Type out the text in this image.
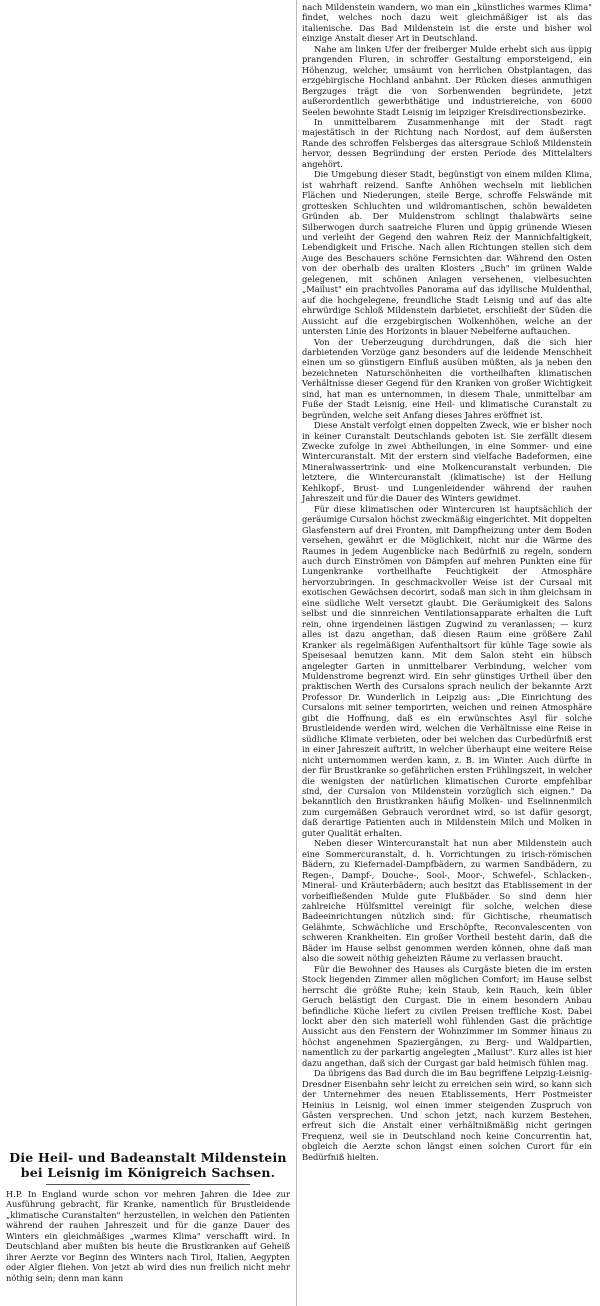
nach Mildenstein wandern, wo man ein „künstliches warmes Klima" findet, welches noch dazu weit gleichmäßiger ist als das italienische. Das Bad Mildenstein ist die erste und bisher wol einzige Anstalt dieser Art in Deutschland.

Nahe am linken Ufer der freiberger Mulde erhebt sich aus üppig prangenden Fluren, in schroffer Gestaltung emporsteigend, ein Höhenzug, welcher, umsäumt von herrlichen Obstplantagen, das erzgebirgische Hochland anbahnt. Der Rücken dieses anmuthigen Bergzuges trägt die von Sorbenwenden begründete, jetzt außerordentlich gewerbthätige und industriereiche, von 6000 Seelen bewohnte Stadt Leisnig im leipziger Kreisdirectionsbezirke.

In unmittelbarem Zusammenhange mit der Stadt ragt majestätisch in der Richtung nach Nordost, auf dem äußersten Rande des schroffen Felsberges das altersgraue Schloß Mildenstein hervor, dessen Begründung der ersten Periode des Mittelalters angehört.

Die Umgebung dieser Stadt, begünstigt von einem milden Klima, ist wahrhaft reizend. Sanfte Anhöhen wechseln mit lieblichen Flächen und Niederungen, steile Berge, schroffe Felswände mit grottesken Schluchten und wildromantischen, schön bewaldeten Gründen ab. Der Muldenstrom schlingt thalabwärts seine Silberwogen durch saatreiche Fluren und üppig grünende Wiesen und verleiht der Gegend den wahren Reiz der Mannichfaltigkeit, Lebendigkeit und Frische. Nach allen Richtungen stellen sich dem Auge des Beschauers schöne Fernsichten dar. Während den Osten von der oberhalb des uralten Klosters „Buch" im grünen Walde gelegenen, mit schönen Anlagen versehenen, vielbesuchten „Mailust" ein prachtvolles Panorama auf das idyllische Muldenthal, auf die hochgelegene, freundliche Stadt Leisnig und auf das alte ehrwürdige Schloß Mildenstein darbietet, erschließt der Süden die Aussicht auf die erzgebirgischen Wolkenhöhen, welche an der untersten Linie des Horizonts in blauer Nebelferne auftauchen.

Von der Ueberzeugung durchdrungen, daß die sich hier darbietenden Vorzüge ganz besonders auf die leidende Menschheit einen um so günstigern Einfluß ausüben müßten, als ja neben den bezeichneten Naturschönheiten die vortheilhaften klimatischen Verhältnisse dieser Gegend für den Kranken von großer Wichtigkeit sind, hat man es unternommen, in diesem Thale, unmittelbar am Fuße der Stadt Leisnig, eine Heil- und klimatische Curanstalt zu begründen, welche seit Anfang dieses Jahres eröffnet ist.

Diese Anstalt verfolgt einen doppelten Zweck, wie er bisher noch in keiner Curanstalt Deutschlands geboten ist. Sie zerfällt diesem Zwecke zufolge in zwei Abtheilungen, in eine Sommer- und eine Wintercuranstalt. Mit der erstern sind vielfache Badeformen, eine Mineralwassertrink- und eine Molkencuranstalt verbunden. Die letztere, die Wintercuranstalt (klimatische) ist der Heilung Kehlkopf-, Brust- und Lungenleidender während der rauhen Jahreszeit und für die Dauer des Winters gewidmet.

Für diese klimatischen oder Wintercuren ist hauptsächlich der geräumige Cursalon höchst zweckmäßig eingerichtet. Mit doppelten Glasfenstern auf drei Fronten, mit Dampfheizung unter dem Boden versehen, gewährt er die Möglichkeit, nicht nur die Wärme des Raumes in jedem Augenblicke nach Bedürfniß zu regeln, sondern auch durch Einströmen von Dämpfen auf mehren Punkten eine für Lungenkranke vortheilhafte Feuchtigkeit der Atmosphäre hervorzubringen. In geschmackvoller Weise ist der Cursaal mit exotischen Gewächsen decorirt, sodaß man sich in ihm gleichsam in eine südliche Welt versetzt glaubt. Die Geräumigkeit des Salons selbst und die sinnreichen Ventilationsapparate erhalten die Luft rein, ohne irgendeinen lästigen Zugwind zu veranlassen; — kurz alles ist dazu angethan, daß diesen Raum eine größere Zahl Kranker als regelmäßigen Aufenthaltsort für kühle Tage sowie als Speisesaal benutzen kann. Mit dem Salon steht ein hübsch angelegter Garten in unmittelbarer Verbindung, welcher vom Muldenstrome begrenzt wird. Ein sehr günstiges Urtheil über den praktischen Werth des Cursalons sprach neulich der bekannte Arzt Professor Dr. Wunderlich in Leipzig aus: „Die Einrichtung des Cursalons mit seiner temporirten, weichen und reinen Atmosphäre gibt die Hoffnung, daß es ein erwünschtes Asyl für solche Brustleidende werden wird, welchen die Verhältnisse eine Reise in südliche Klimate verbieten, oder bei welchen das Curbedürfniß erst in einer Jahreszeit auftritt, in welcher überhaupt eine weitere Reise nicht unternommen werden kann, z. B. im Winter. Auch dürfte in der für Brustkranke so gefährlichen ersten Frühlingszeit, in welcher die wenigsten der natürlichen klimatischen Curorte empfehlbar sind, der Cursalon von Mildenstein vorzüglich sich eignen." Da bekanntlich den Brustkranken häufig Molken- und Eselinnenmilch zum curgemäßen Gebrauch verordnet wird, so ist dafür gesorgt, daß derartige Patienten auch in Mildenstein Milch und Molken in guter Qualität erhalten.

Neben dieser Wintercuranstalt hat nun aber Mildenstein auch eine Sommercuranstalt, d. h. Vorrichtungen zu irisch-römischen Bädern, zu Kiefernadel-Dampfbädern, zu warmen Sandbädern, zu Regen-, Dampf-, Douche-, Sool-, Moor-, Schwefel-, Schlacken-, Mineral- und Kräuterbädern; auch besitzt das Etablissement in der vorbeifließenden Mulde gute Flußbäder. So sind denn hier zahlreiche Hülfsmittel vereinigt für solche, welchen diese Badeeinrichtungen nützlich sind: für Gichtische, rheumatisch Gelähmte, Schwächliche und Erschöpfte, Reconvalescenten von schweren Krankheiten. Ein großer Vortheil besteht darin, daß die Bäder im Hause selbst genommen werden können, ohne daß man also die soweit nöthig geheizten Räume zu verlassen braucht.

Für die Bewohner des Hauses als Curgäste bieten die im ersten Stock liegenden Zimmer allen möglichen Comfort; im Hause selbst herrscht die größte Ruhe; kein Staub, kein Rauch, kein übler Geruch belästigt den Curgast. Die in einem besondern Anbau befindliche Küche liefert zu civilen Preisen treffliche Kost. Dabei lockt aber den sich materiell wohl fühlenden Gast die prächtige Aussicht aus den Fenstern der Wohnzimmer im Sommer hinaus zu höchst angenehmen Spaziergängen, zu Berg- und Waldpartien, namentlich zu der parkartig angelegten „Mailust". Kurz alles ist hier dazu angethan, daß sich der Curgast gar bald heimisch fühlen mag.

Da übrigens das Bad durch die im Bau begriffene Leipzig-Leisnig-Dresdner Eisenbahn sehr leicht zu erreichen sein wird, so kann sich der Unternehmer des neuen Etablissements, Herr Postmeister Heinius in Leisnig, wol einen immer steigenden Zuspruch von Gästen versprechen. Und schon jetzt, nach kurzem Bestehen, erfreut sich die Anstalt einer verhältnißmäßig nicht geringen Frequenz, weil sie in Deutschland noch keine Concurrentin hat, obgleich die Aerzte schon längst einen solchen Curort für ein Bedürfniß hielten.

Die Heil- und Badeanstalt Mildenstein bei Leisnig im Königreich Sachsen.

H.P. In England wurde schon vor mehren Jahren die Idee zur Ausführung gebracht, für Kranke, namentlich für Brustleidende „klimatische Curanstalten" herzustellen, in welchen den Patienten während der rauhen Jahreszeit und für die ganze Dauer des Winters ein gleichmäßiges „warmes Klima" verschafft wird. In Deutschland aber mußten bis heute die Brustkranken auf Geheiß ihrer Aerzte vor Beginn des Winters nach Tirol, Italien, Aegypten oder Algier fliehen. Von jetzt ab wird dies nun freilich nicht mehr nöthig sein; denn man kann
